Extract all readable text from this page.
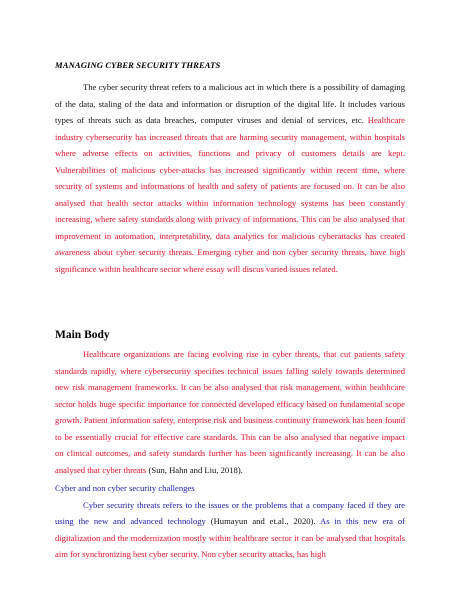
MANAGING CYBER SECURITY THREATS

The cyber security threat refers to a malicious act in which there is a possibility of damaging of the data, staling of the data and information or disruption of the digital life. It includes various types of threats such as data breaches, computer viruses and denial of services, etc. Healthcare industry cybersecurity has increased threats that are harming security management, within hospitals where adverse effects on activities, functions and privacy of customers details are kept. Vulnerabilities of malicious cyber-attacks has increased significantly within recent time, where security of systems and informations of health and safety of patients are focused on. It can be also analysed that health sector attacks within information technology systems has been constantly increasing, where safety standards along with privacy of informations. This can be also analysed that improvement in automation, interpretability, data analytics for malicious cyberattacks has created awareness about cyber security threats. Emerging cyber and non cyber security threats, have high significance within healthcare sector where essay will discus varied issues related.

Main Body

Healthcare organizations are facing evolving rise in cyber threats, that cut patients safety standards rapidly, where cybersecurity specifies technical issues falling solely towards determined new risk management frameworks. It can be also analysed that risk management, within healthcare sector holds huge specific importance for connected developed efficacy based on fundamental scope growth. Patient information safety, enterprise risk and business continuity framework has been found to be essentially crucial for effective care standards. This can be also analysed that negative impact on clinical outcomes, and safety standards further has been significantly increasing. It can be also analysed that cyber threats (Sun, Hahn and Liu, 2018).

Cyber and non cyber security challenges

Cyber security threats refers to the issues or the problems that a company faced if they are using the new and advanced technology (Humayun and et.al., 2020). As in this new era of digitalization and the modernization mostly within healthcare sector it can be analysed that hospitals aim for synchronizing best cyber security. Non cyber security attacks, has high
